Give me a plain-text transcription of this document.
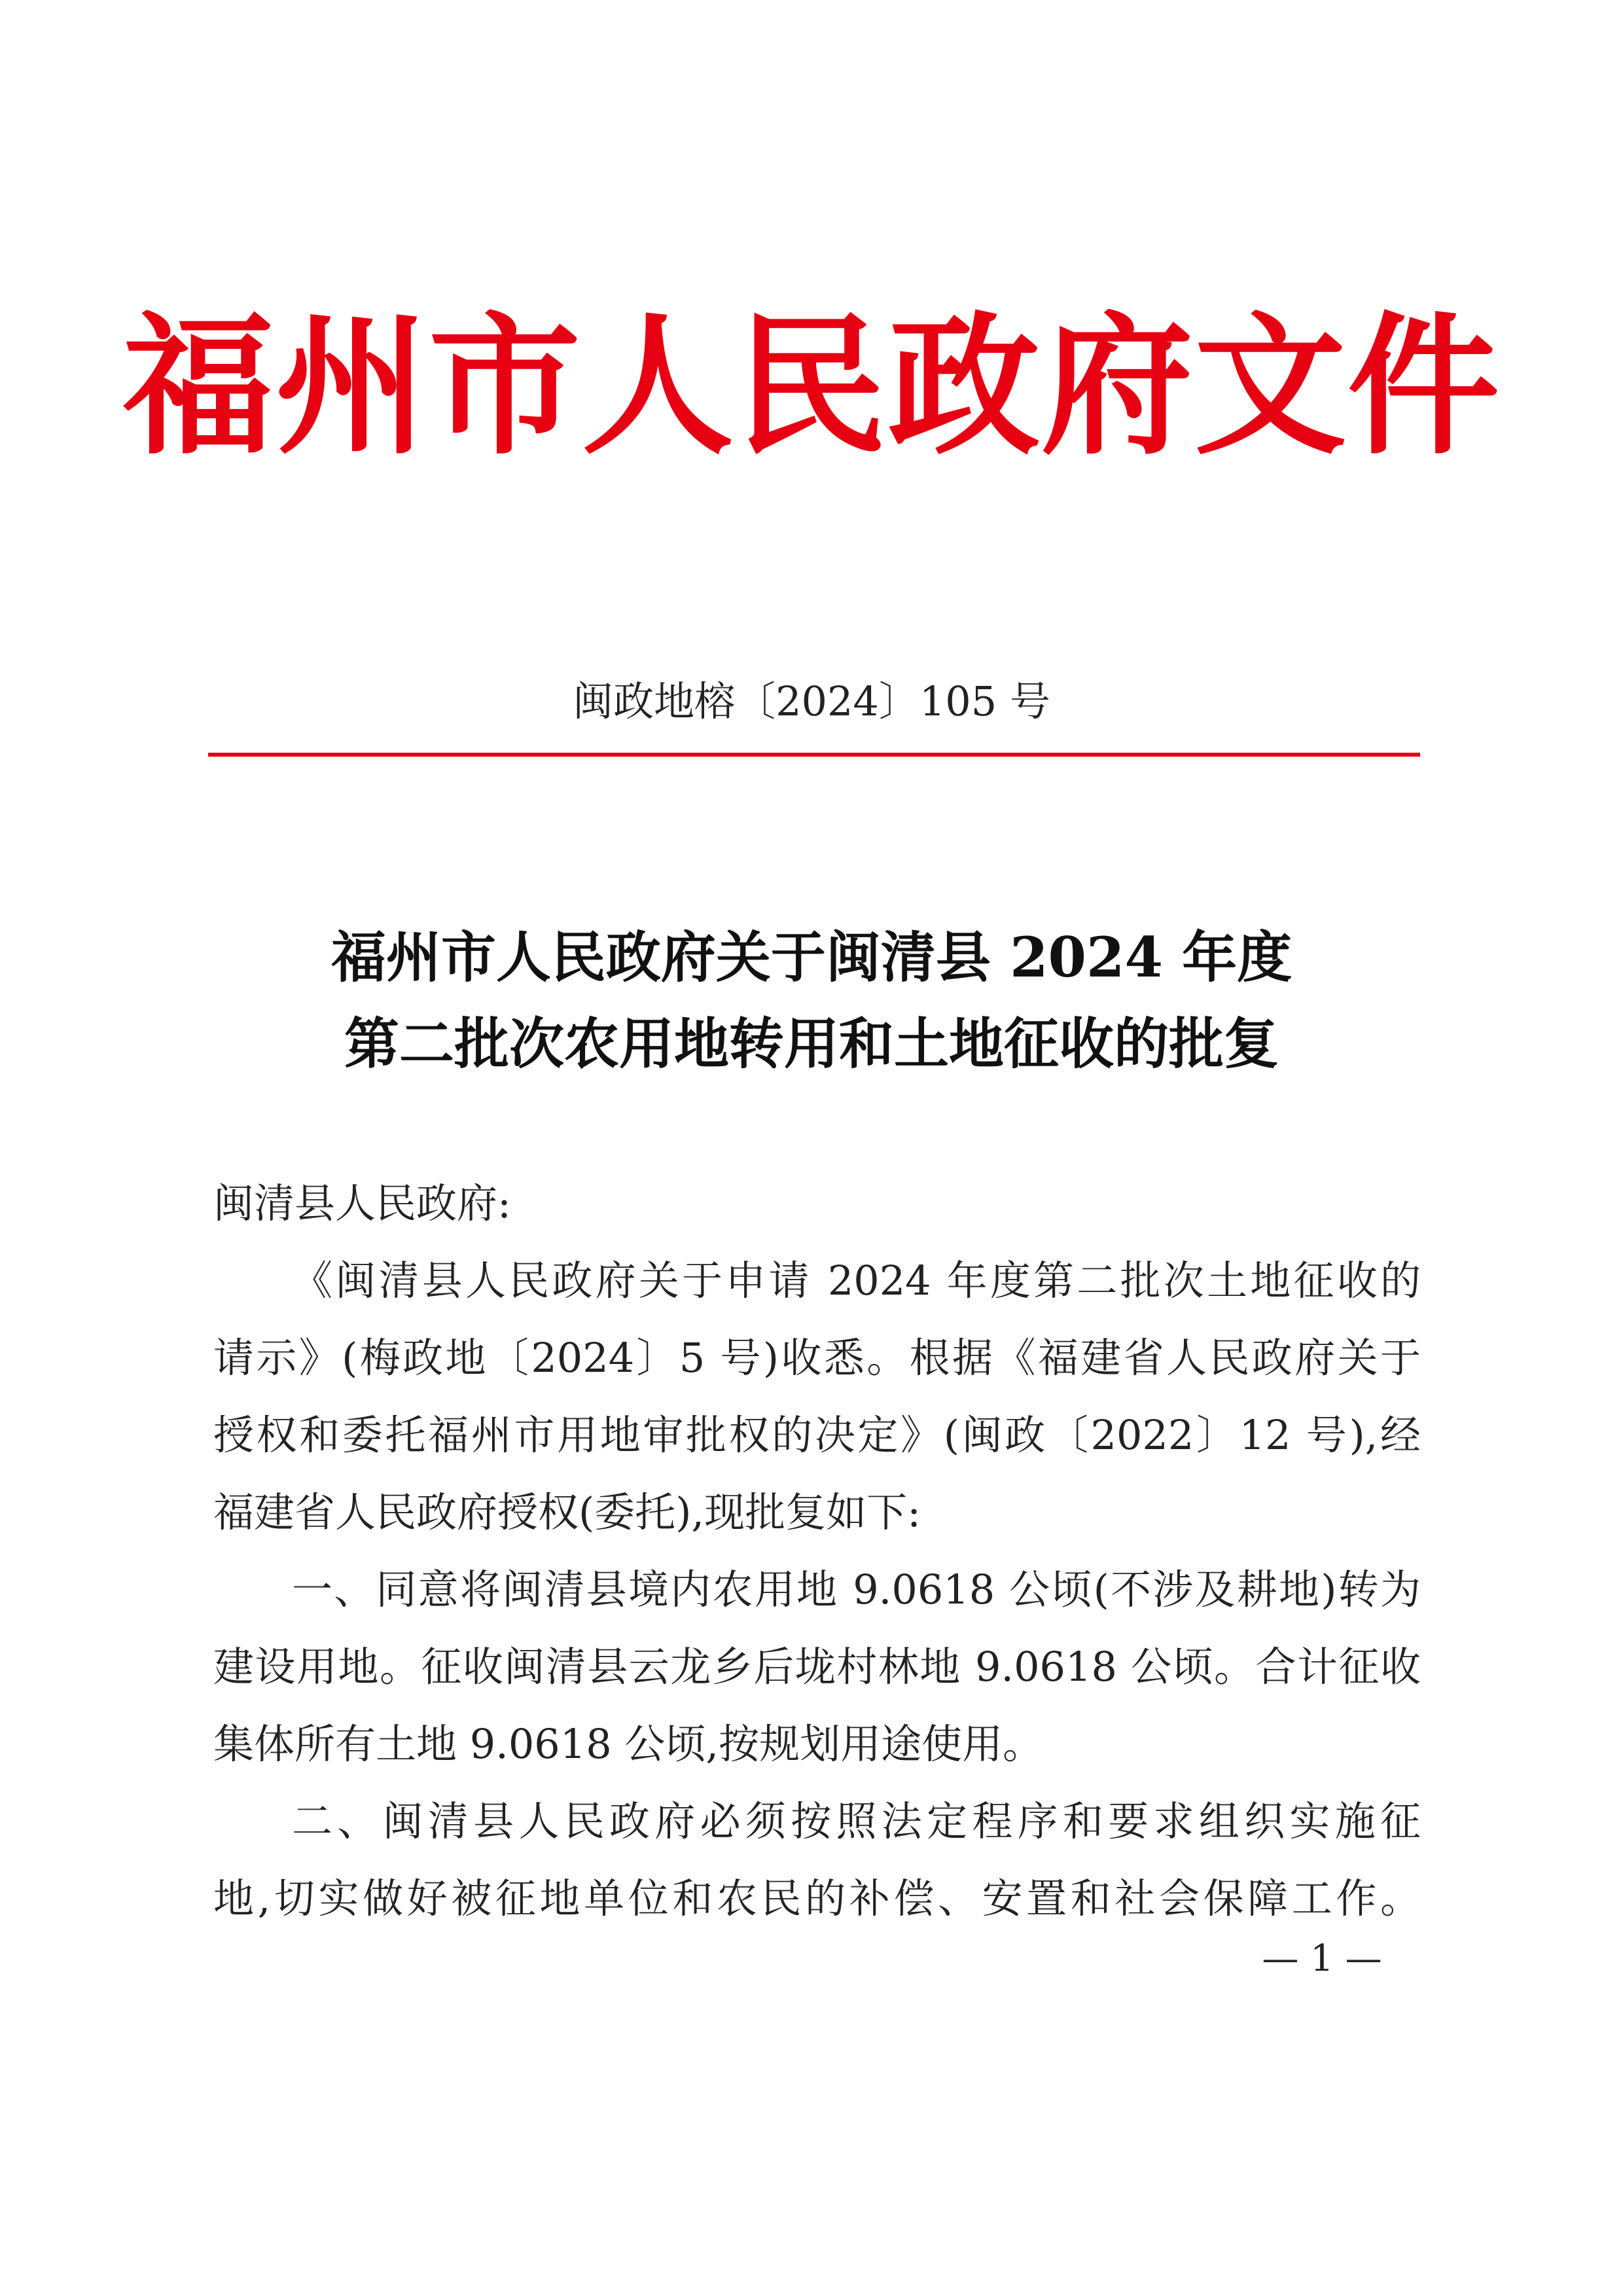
福州市人民政府文件
闽政地榕〔2024〕105 号
福州市人民政府关于闽清县 2024 年度
第二批次农用地转用和土地征收的批复
闽清县人民政府:
《闽清县人民政府关于申请 2024 年度第二批次土地征收的
请示》(梅政地〔2024〕5 号)收悉。根据《福建省人民政府关于
授权和委托福州市用地审批权的决定》(闽政〔2022〕12 号),经
福建省人民政府授权(委托),现批复如下:
一、同意将闽清县境内农用地 9.0618 公顷(不涉及耕地)转为
建设用地。征收闽清县云龙乡后垅村林地 9.0618 公顷。合计征收
集体所有土地 9.0618 公顷,按规划用途使用。
二、闽清县人民政府必须按照法定程序和要求组织实施征
地,切实做好被征地单位和农民的补偿、安置和社会保障工作。
— 1 —
